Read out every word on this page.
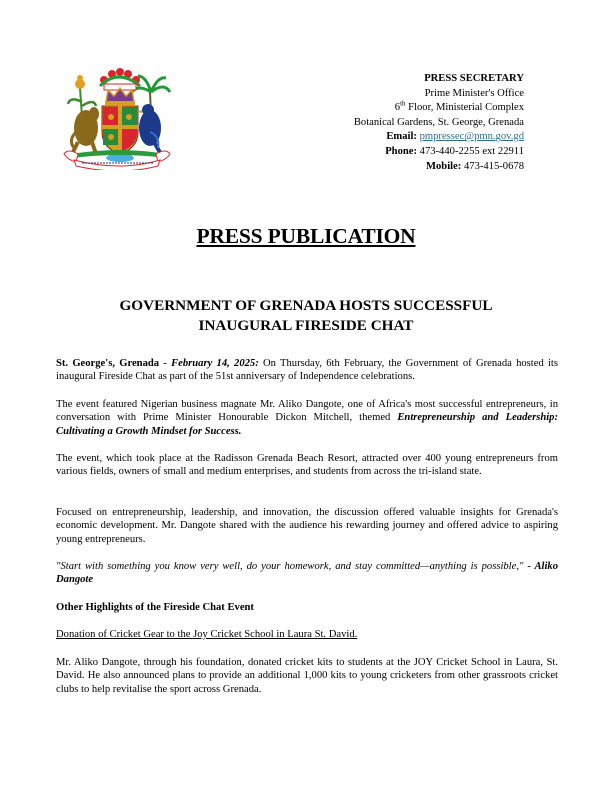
PRESS SECRETARY
Prime Minister's Office
6th Floor, Ministerial Complex
Botanical Gardens, St. George, Grenada
Email: pmpressec@pmn.gov.gd
Phone: 473-440-2255 ext 22911
Mobile: 473-415-0678
PRESS PUBLICATION
GOVERNMENT OF GRENADA HOSTS SUCCESSFUL
INAUGURAL FIRESIDE CHAT

St. George's, Grenada - February 14, 2025: On Thursday, 6th February, the Government of Grenada hosted its inaugural Fireside Chat as part of the 51st anniversary of Independence celebrations.

The event featured Nigerian business magnate Mr. Aliko Dangote, one of Africa's most successful entrepreneurs, in conversation with Prime Minister Honourable Dickon Mitchell, themed Entrepreneurship and Leadership: Cultivating a Growth Mindset for Success.

The event, which took place at the Radisson Grenada Beach Resort, attracted over 400 young entrepreneurs from various fields, owners of small and medium enterprises, and students from across the tri-island state.

Focused on entrepreneurship, leadership, and innovation, the discussion offered valuable insights for Grenada's economic development. Mr. Dangote shared with the audience his rewarding journey and offered advice to aspiring young entrepreneurs.

"Start with something you know very well, do your homework, and stay committed—anything is possible," - Aliko Dangote

Other Highlights of the Fireside Chat Event
Donation of Cricket Gear to the Joy Cricket School in Laura St. David.

Mr. Aliko Dangote, through his foundation, donated cricket kits to students at the JOY Cricket School in Laura, St. David. He also announced plans to provide an additional 1,000 kits to young cricketers from other grassroots cricket clubs to help revitalise the sport across Grenada.
